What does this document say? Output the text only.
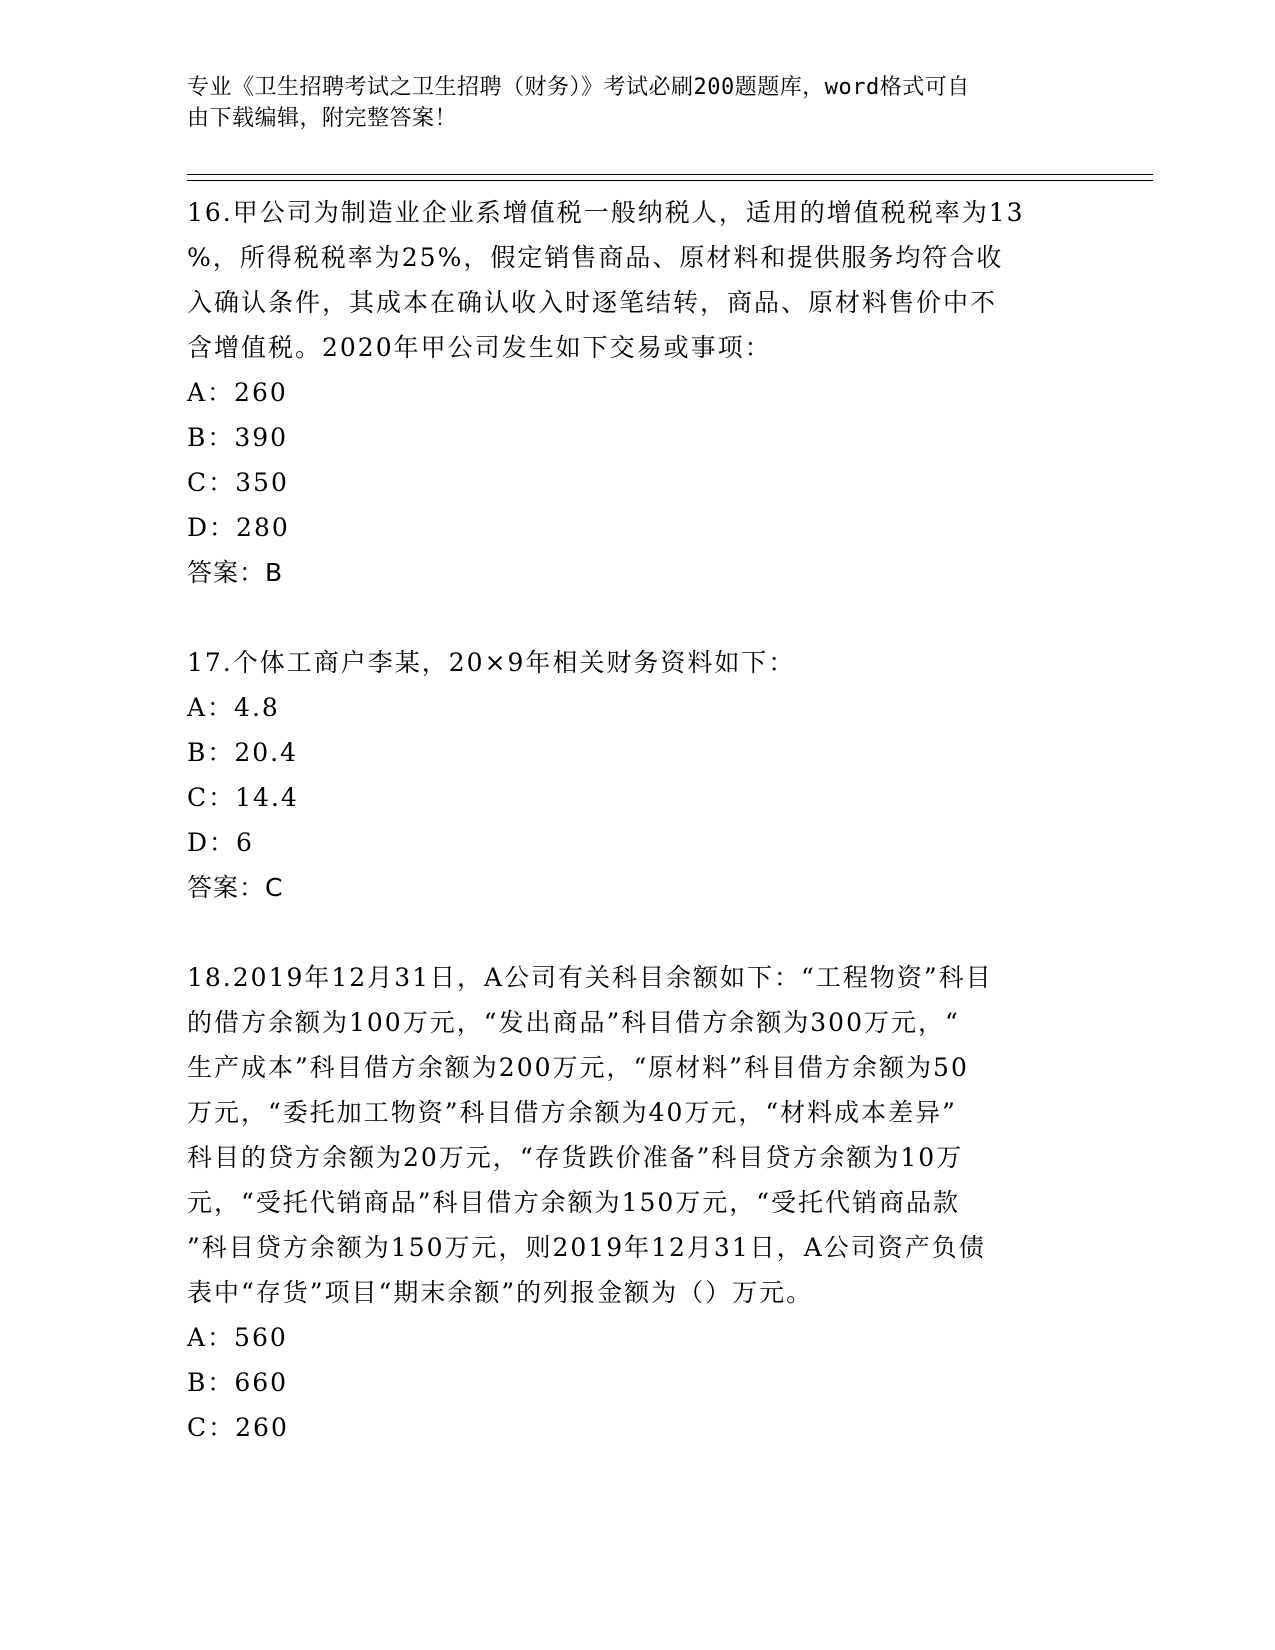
专业《卫生招聘考试之卫生招聘（财务）》考试必刷200题题库，word格式可自
由下载编辑，附完整答案！
16.甲公司为制造业企业系增值税一般纳税人，适用的增值税税率为13
%，所得税税率为25%，假定销售商品、原材料和提供服务均符合收
入确认条件，其成本在确认收入时逐笔结转，商品、原材料售价中不
含增值税。2020年甲公司发生如下交易或事项：
A：260
B：390
C：350
D：280
答案：B
17.个体工商户李某，20×9年相关财务资料如下：
A：4.8
B：20.4
C：14.4
D：6
答案：C
18.2019年12月31日，A公司有关科目余额如下：“工程物资”科目
的借方余额为100万元，“发出商品”科目借方余额为300万元，“
生产成本”科目借方余额为200万元，“原材料”科目借方余额为50
万元，“委托加工物资”科目借方余额为40万元，“材料成本差异”
科目的贷方余额为20万元，“存货跌价准备”科目贷方余额为10万
元，“受托代销商品”科目借方余额为150万元，“受托代销商品款
”科目贷方余额为150万元，则2019年12月31日，A公司资产负债
表中“存货”项目“期末余额”的列报金额为（）万元。
A：560
B：660
C：260
